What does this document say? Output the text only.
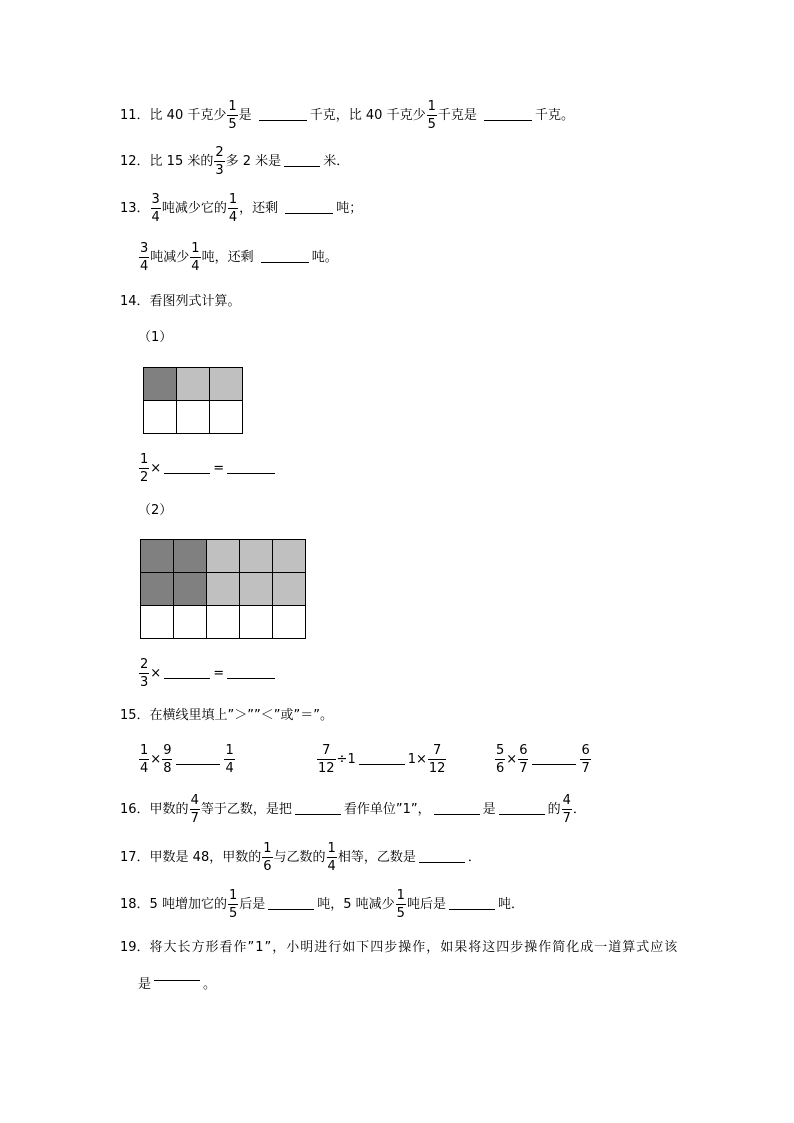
11． 比 40 千克少 $\frac{1}{5}$ 是	千克，比 40 千克少 $\frac{1}{5}$ 千克是	千克。
12． 比 15 米的 $\frac{2}{3}$ 多 2 米是	米．
13． $\frac{3}{4}$ 吨减少它的 $\frac{1}{4}$ ，还剩	吨；
$\frac{3}{4}$ 吨减少 $\frac{1}{4}$ 吨，还剩	吨。
14． 看图列式计算。
（1）

$\frac{1}{2}$ ×	=
（2）

$\frac{2}{3}$ ×	=
15． 在横线里填上”＞””＜”或”＝”。
$\frac{1}{4} \times \frac{9}{8}$	$\frac{1}{4}$	$\frac{7}{12} \div 1$	$1\times \frac{7}{12}$	$\frac{5}{6} \times \frac{6}{7}$	$\frac{6}{7}$
16． 甲数的 $\frac{4}{7}$ 等于乙数，是把	看作单位”1”，	是	的 $\frac{4}{7}$ ．
17． 甲数是 48，甲数的 $\frac{1}{6}$ 与乙数的 $\frac{1}{4}$ 相等，乙数是	．
18． 5 吨增加它的 $\frac{1}{5}$ 后是	吨，5 吨减少 $\frac{1}{5}$ 吨后是	吨．
19． 将大长方形看作”1”，小明进行如下四步操作，如果将这四步操作简化成一道算式应该
是	。
